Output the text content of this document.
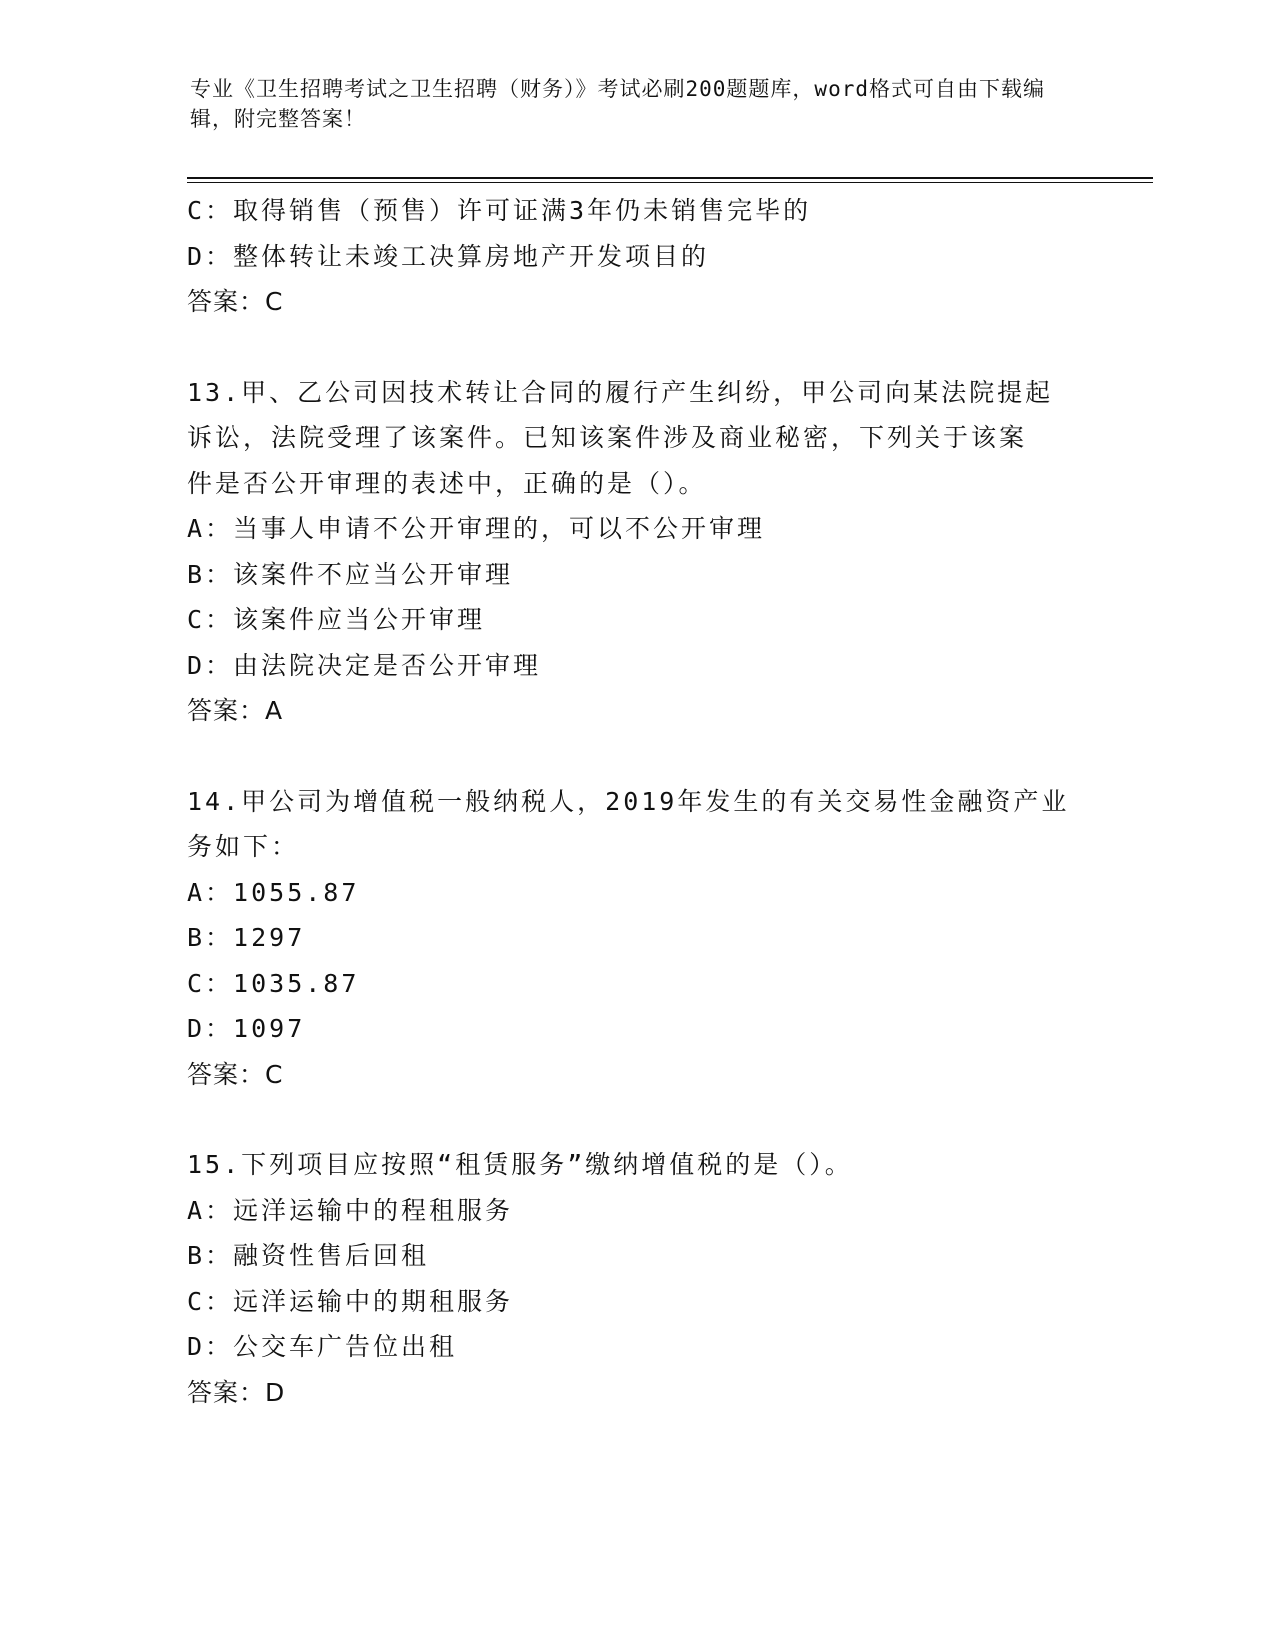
专业《卫生招聘考试之卫生招聘（财务）》考试必刷200题题库，word格式可自由下载编辑，附完整答案！
C：取得销售（预售）许可证满3年仍未销售完毕的
D：整体转让未竣工决算房地产开发项目的
答案：C
13.甲、乙公司因技术转让合同的履行产生纠纷，甲公司向某法院提起
诉讼，法院受理了该案件。已知该案件涉及商业秘密，下列关于该案
件是否公开审理的表述中，正确的是（）。
A：当事人申请不公开审理的，可以不公开审理
B：该案件不应当公开审理
C：该案件应当公开审理
D：由法院决定是否公开审理
答案：A
14.甲公司为增值税一般纳税人，2019年发生的有关交易性金融资产业
务如下：
A：1055.87
B：1297
C：1035.87
D：1097
答案：C
15.下列项目应按照“租赁服务”缴纳增值税的是（）。
A：远洋运输中的程租服务
B：融资性售后回租
C：远洋运输中的期租服务
D：公交车广告位出租
答案：D
